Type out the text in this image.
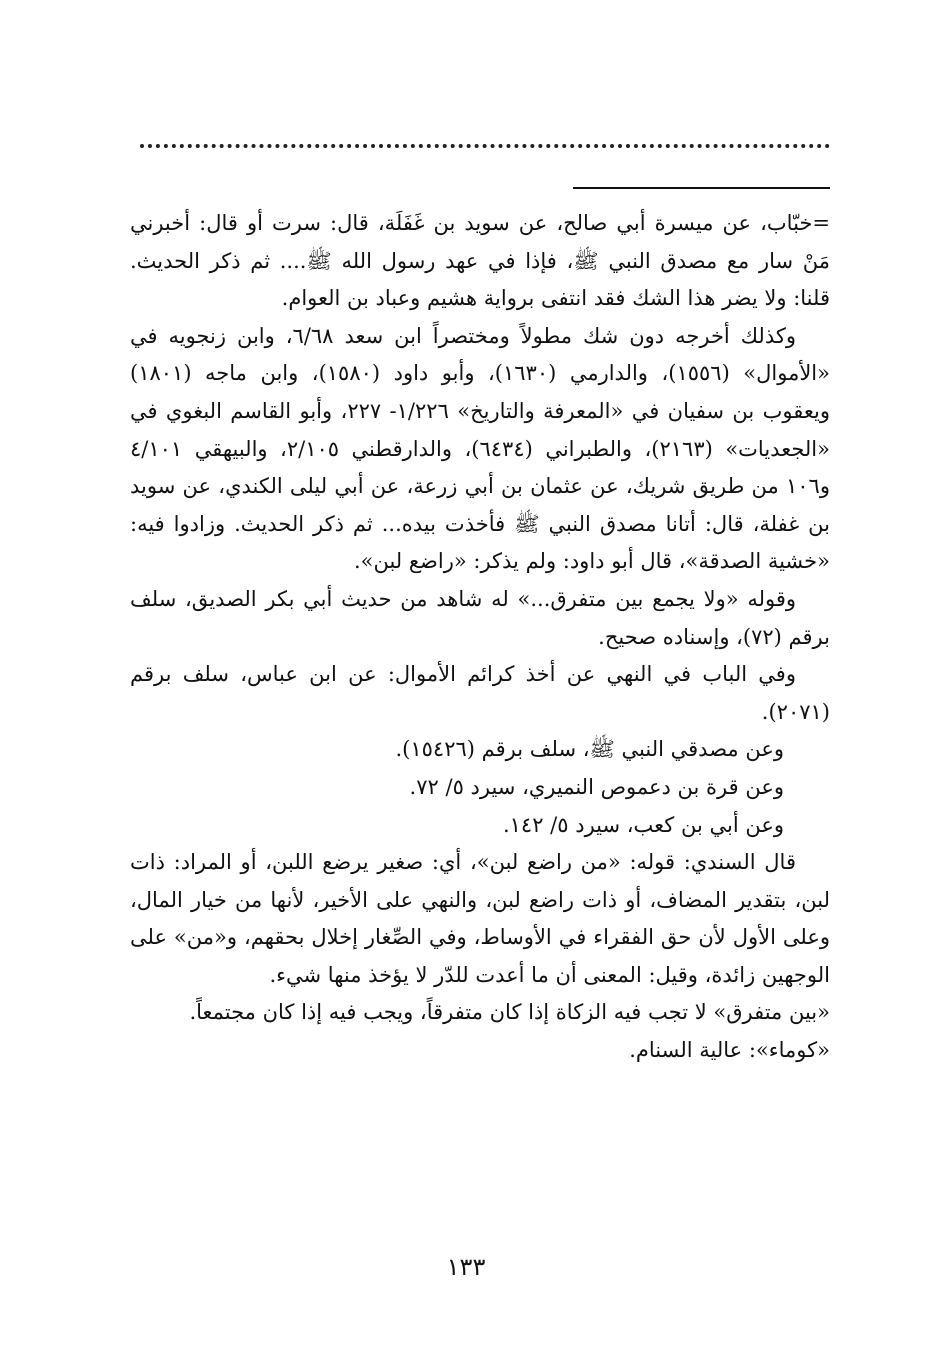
=خبّاب، عن ميسرة أبي صالح، عن سويد بن غَفَلَة، قال: سرت أو قال: أخبرني مَنْ سار مع مصدق النبي ﷺ، فإذا في عهد رسول الله ﷺ.... ثم ذكر الحديث. قلنا: ولا يضر هذا الشك فقد انتفى برواية هشيم وعباد بن العوام.

وكذلك أخرجه دون شك مطولاً ومختصراً ابن سعد ٦/٦٨، وابن زنجويه في «الأموال» (١٥٥٦)، والدارمي (١٦٣٠)، وأبو داود (١٥٨٠)، وابن ماجه (١٨٠١) ويعقوب بن سفيان في «المعرفة والتاريخ» ١/٢٢٦- ٢٢٧، وأبو القاسم البغوي في «الجعديات» (٢١٦٣)، والطبراني (٦٤٣٤)، والدارقطني ٢/١٠٥، والبيهقي ٤/١٠١ و١٠٦ من طريق شريك، عن عثمان بن أبي زرعة، عن أبي ليلى الكندي، عن سويد بن غفلة، قال: أتانا مصدق النبي ﷺ فأخذت بيده... ثم ذكر الحديث. وزادوا فيه: «خشية الصدقة»، قال أبو داود: ولم يذكر: «راضع لبن».

وقوله «ولا يجمع بين متفرق...» له شاهد من حديث أبي بكر الصديق، سلف برقم (٧٢)، وإسناده صحيح.

وفي الباب في النهي عن أخذ كرائم الأموال: عن ابن عباس، سلف برقم (٢٠٧١).

وعن مصدقي النبي ﷺ، سلف برقم (١٥٤٢٦).

وعن قرة بن دعموص النميري، سيرد ٥/ ٧٢.

وعن أبي بن كعب، سيرد ٥/ ١٤٢.

قال السندي: قوله: «من راضع لبن»، أي: صغير يرضع اللبن، أو المراد: ذات لبن، بتقدير المضاف، أو ذات راضع لبن، والنهي على الأخير، لأنها من خيار المال، وعلى الأول لأن حق الفقراء في الأوساط، وفي الصِّغار إخلال بحقهم، و«من» على الوجهين زائدة، وقيل: المعنى أن ما أعدت للدّر لا يؤخذ منها شيء.

«بين متفرق» لا تجب فيه الزكاة إذا كان متفرقاً، ويجب فيه إذا كان مجتمعاً.

«كوماء»: عالية السنام.

١٣٣
